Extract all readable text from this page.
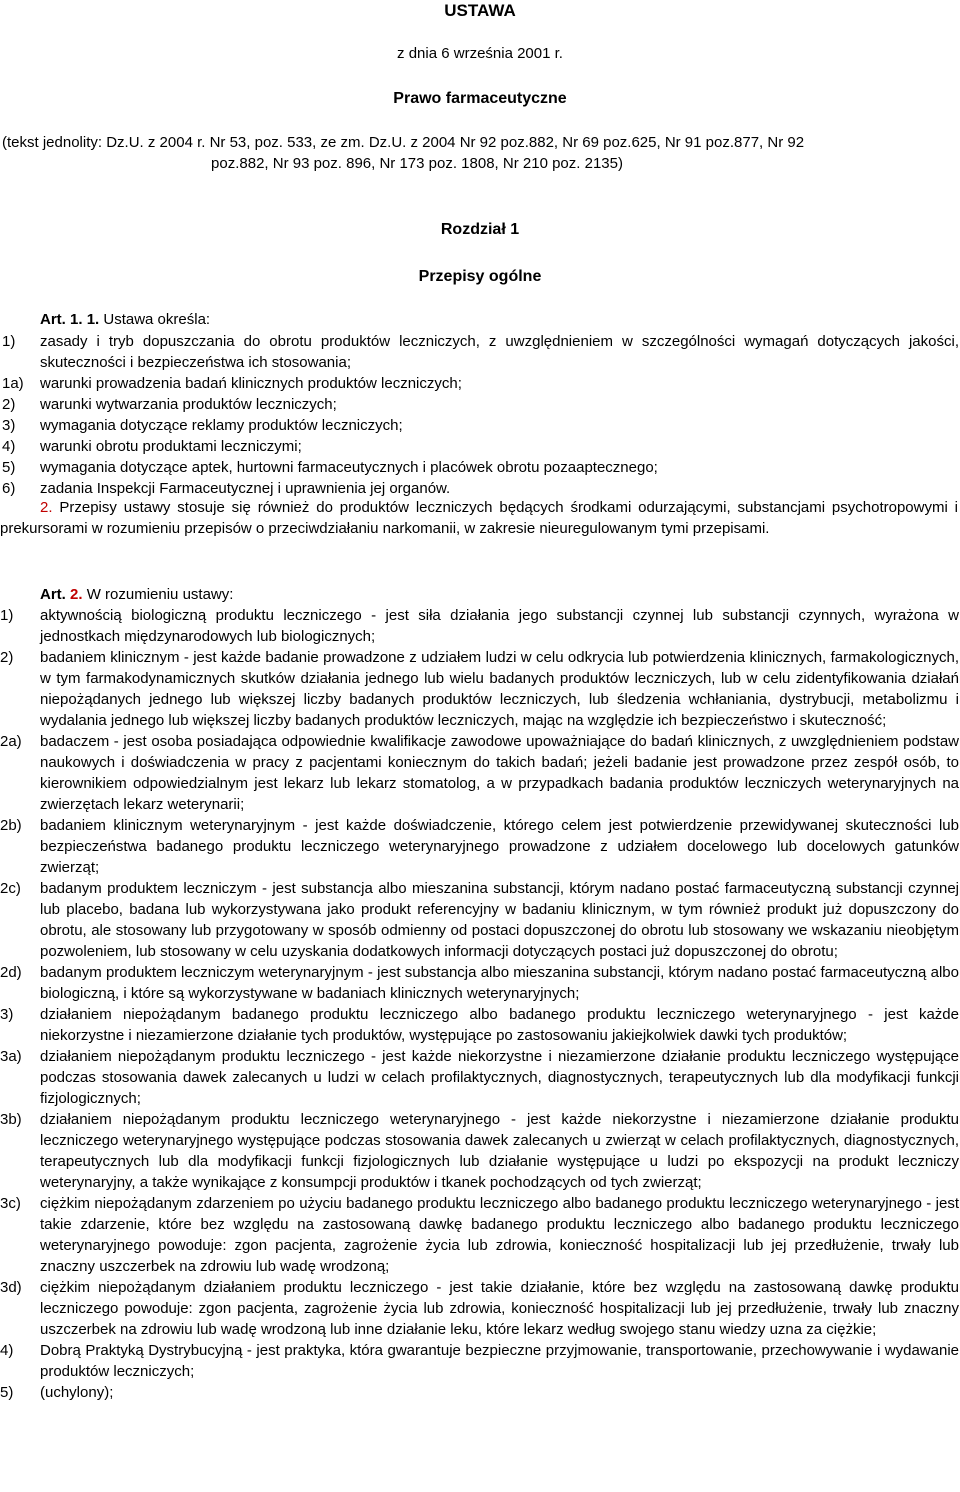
USTAWA
z dnia 6 września 2001 r.
Prawo farmaceutyczne
(tekst jednolity: Dz.U. z 2004 r. Nr 53, poz. 533, ze zm. Dz.U. z 2004 Nr 92 poz.882, Nr 69 poz.625, Nr 91 poz.877, Nr 92
poz.882, Nr 93 poz. 896, Nr 173 poz. 1808, Nr 210 poz. 2135)
Rozdział 1
Przepisy ogólne
Art. 1. 1. Ustawa określa:
1)	zasady i tryb dopuszczania do obrotu produktów leczniczych, z uwzględnieniem w szczególności wymagań dotyczących jakości, skuteczności i bezpieczeństwa ich stosowania;
1a)	warunki prowadzenia badań klinicznych produktów leczniczych;
2)	warunki wytwarzania produktów leczniczych;
3)	wymagania dotyczące reklamy produktów leczniczych;
4)	warunki obrotu produktami leczniczymi;
5)	wymagania dotyczące aptek, hurtowni farmaceutycznych i placówek obrotu pozaaptecznego;
6)	zadania Inspekcji Farmaceutycznej i uprawnienia jej organów.
2. Przepisy ustawy stosuje się również do produktów leczniczych będących środkami odurzającymi, substancjami psychotropowymi i prekursorami w rozumieniu przepisów o przeciwdziałaniu narkomanii, w zakresie nieuregulowanym tymi przepisami.
Art. 2. W rozumieniu ustawy:
1)	aktywnością biologiczną produktu leczniczego - jest siła działania jego substancji czynnej lub substancji czynnych, wyrażona w jednostkach międzynarodowych lub biologicznych;
2)	badaniem klinicznym - jest każde badanie prowadzone z udziałem ludzi w celu odkrycia lub potwierdzenia klinicznych, farmakologicznych, w tym farmakodynamicznych skutków działania jednego lub wielu badanych produktów leczniczych, lub w celu zidentyfikowania działań niepożądanych jednego lub większej liczby badanych produktów leczniczych, lub śledzenia wchłaniania, dystrybucji, metabolizmu i wydalania jednego lub większej liczby badanych produktów leczniczych, mając na względzie ich bezpieczeństwo i skuteczność;
2a)	badaczem - jest osoba posiadająca odpowiednie kwalifikacje zawodowe upoważniające do badań klinicznych, z uwzględnieniem podstaw naukowych i doświadczenia w pracy z pacjentami koniecznym do takich badań; jeżeli badanie jest prowadzone przez zespół osób, to kierownikiem odpowiedzialnym jest lekarz lub lekarz stomatolog, a w przypadkach badania produktów leczniczych weterynaryjnych na zwierzętach lekarz weterynarii;
2b)	badaniem klinicznym weterynaryjnym - jest każde doświadczenie, którego celem jest potwierdzenie przewidywanej skuteczności lub bezpieczeństwa badanego produktu leczniczego weterynaryjnego prowadzone z udziałem docelowego lub docelowych gatunków zwierząt;
2c)	badanym produktem leczniczym - jest substancja albo mieszanina substancji, którym nadano postać farmaceutyczną substancji czynnej lub placebo, badana lub wykorzystywana jako produkt referencyjny w badaniu klinicznym, w tym również produkt już dopuszczony do obrotu, ale stosowany lub przygotowany w sposób odmienny od postaci dopuszczonej do obrotu lub stosowany we wskazaniu nieobjętym pozwoleniem, lub stosowany w celu uzyskania dodatkowych informacji dotyczących postaci już dopuszczonej do obrotu;
2d)	badanym produktem leczniczym weterynaryjnym - jest substancja albo mieszanina substancji, którym nadano postać farmaceutyczną albo biologiczną, i które są wykorzystywane w badaniach klinicznych weterynaryjnych;
3)	działaniem niepożądanym badanego produktu leczniczego albo badanego produktu leczniczego weterynaryjnego - jest każde niekorzystne i niezamierzone działanie tych produktów, występujące po zastosowaniu jakiejkolwiek dawki tych produktów;
3a)	działaniem niepożądanym produktu leczniczego - jest każde niekorzystne i niezamierzone działanie produktu leczniczego występujące podczas stosowania dawek zalecanych u ludzi w celach profilaktycznych, diagnostycznych, terapeutycznych lub dla modyfikacji funkcji fizjologicznych;
3b)	działaniem niepożądanym produktu leczniczego weterynaryjnego - jest każde niekorzystne i niezamierzone działanie produktu leczniczego weterynaryjnego występujące podczas stosowania dawek zalecanych u zwierząt w celach profilaktycznych, diagnostycznych, terapeutycznych lub dla modyfikacji funkcji fizjologicznych lub działanie występujące u ludzi po ekspozycji na produkt leczniczy weterynaryjny, a także wynikające z konsumpcji produktów i tkanek pochodzących od tych zwierząt;
3c)	ciężkim niepożądanym zdarzeniem po użyciu badanego produktu leczniczego albo badanego produktu leczniczego weterynaryjnego - jest takie zdarzenie, które bez względu na zastosowaną dawkę badanego produktu leczniczego albo badanego produktu leczniczego weterynaryjnego powoduje: zgon pacjenta, zagrożenie życia lub zdrowia, konieczność hospitalizacji lub jej przedłużenie, trwały lub znaczny uszczerbek na zdrowiu lub wadę wrodzoną;
3d)	ciężkim niepożądanym działaniem produktu leczniczego - jest takie działanie, które bez względu na zastosowaną dawkę produktu leczniczego powoduje: zgon pacjenta, zagrożenie życia lub zdrowia, konieczność hospitalizacji lub jej przedłużenie, trwały lub znaczny uszczerbek na zdrowiu lub wadę wrodzoną lub inne działanie leku, które lekarz według swojego stanu wiedzy uzna za ciężkie;
4)	Dobrą Praktyką Dystrybucyjną - jest praktyka, która gwarantuje bezpieczne przyjmowanie, transportowanie, przechowywanie i wydawanie produktów leczniczych;
5)	(uchylony);
